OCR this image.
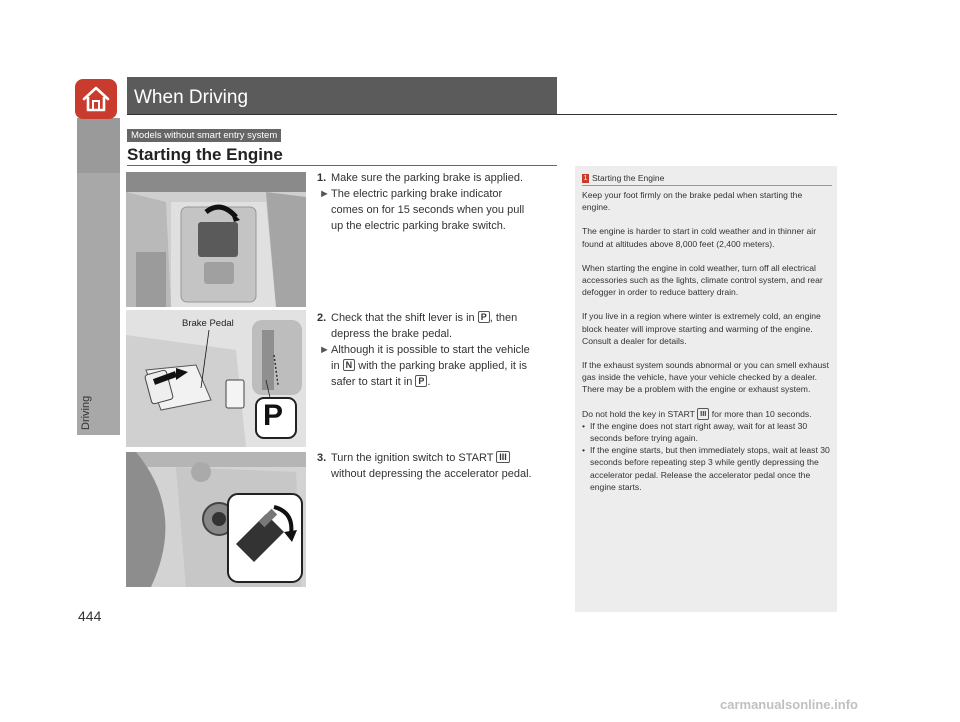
Driving
444
When Driving
Models without smart entry system
Starting the Engine
Brake Pedal
P
1. Make sure the parking brake is applied.
► The electric parking brake indicator
comes on for 15 seconds when you pull
up the electric parking brake switch.
2. Check that the shift lever is in P , then
depress the brake pedal.
► Although it is possible to start the vehicle
in N with the parking brake applied, it is
safer to start it in P .
3. Turn the ignition switch to START III
without depressing the accelerator pedal.
1 Starting the Engine

Keep your foot firmly on the brake pedal when starting the engine.

The engine is harder to start in cold weather and in thinner air found at altitudes above 8,000 feet (2,400 meters).

When starting the engine in cold weather, turn off all electrical accessories such as the lights, climate control system, and rear defogger in order to reduce battery drain.

If you live in a region where winter is extremely cold, an engine block heater will improve starting and warming of the engine. Consult a dealer for details.

If the exhaust system sounds abnormal or you can smell exhaust gas inside the vehicle, have your vehicle checked by a dealer. There may be a problem with the engine or exhaust system.

Do not hold the key in START III for more than 10 seconds.
• If the engine does not start right away, wait for at least 30 seconds before trying again.
• If the engine starts, but then immediately stops, wait at least 30 seconds before repeating step 3 while gently depressing the accelerator pedal. Release the accelerator pedal once the engine starts.
carmanualsonline.info
